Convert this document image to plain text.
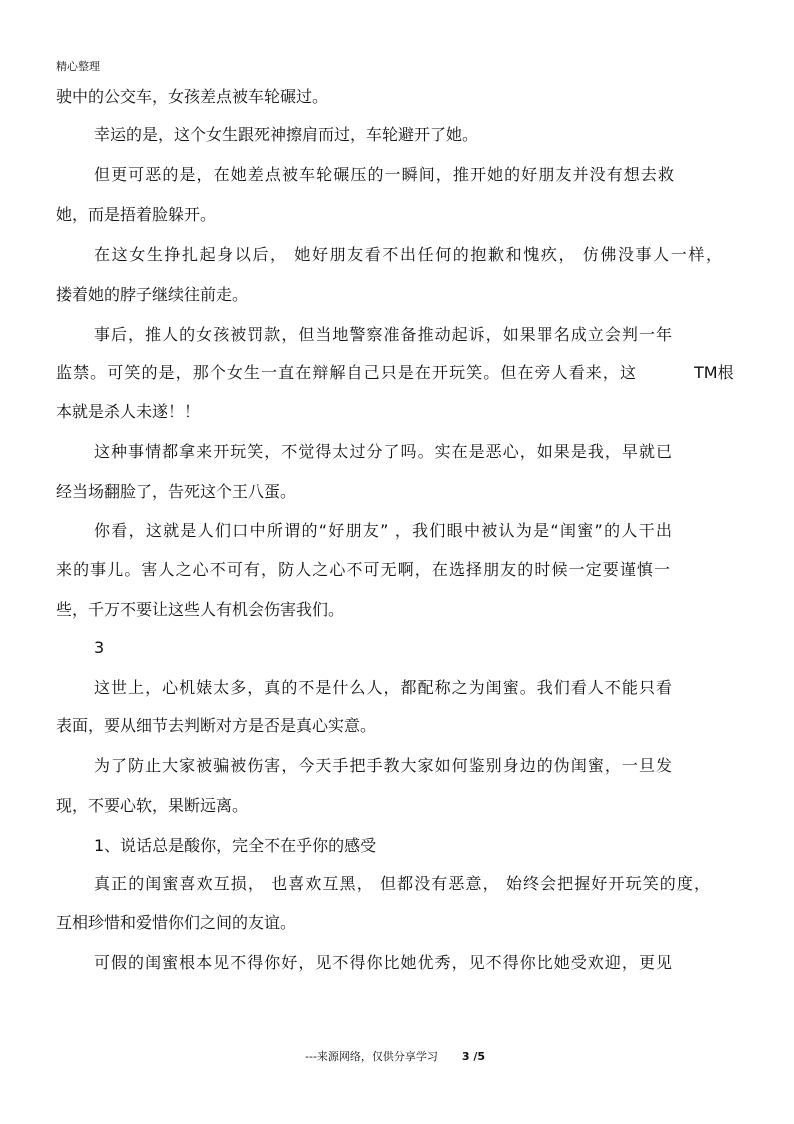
精心整理
驶中的公交车，女孩差点被车轮碾过。
幸运的是，这个女生跟死神擦肩而过，车轮避开了她。
但更可恶的是，在她差点被车轮碾压的一瞬间，推开她的好朋友并没有想去救
她，而是捂着脸躲开。
在这女生挣扎起身以后， 她好朋友看不出任何的抱歉和愧疚， 仿佛没事人一样，
搂着她的脖子继续往前走。
事后，推人的女孩被罚款，但当地警察准备推动起诉，如果罪名成立会判一年
监禁。可笑的是，那个女生一直在辩解自己只是在开玩笑。但在旁人看来，这	TM根
本就是杀人未遂！！
这种事情都拿来开玩笑，不觉得太过分了吗。实在是恶心，如果是我，早就已
经当场翻脸了，告死这个王八蛋。
你看，这就是人们口中所谓的“好朋友” ，我们眼中被认为是“闺蜜”的人干出
来的事儿。害人之心不可有，防人之心不可无啊，在选择朋友的时候一定要谨慎一
些，千万不要让这些人有机会伤害我们。
3
这世上，心机婊太多，真的不是什么人，都配称之为闺蜜。我们看人不能只看
表面，要从细节去判断对方是否是真心实意。
为了防止大家被骗被伤害，今天手把手教大家如何鉴别身边的伪闺蜜，一旦发
现，不要心软，果断远离。
1、说话总是酸你，完全不在乎你的感受
真正的闺蜜喜欢互损， 也喜欢互黑， 但都没有恶意， 始终会把握好开玩笑的度，
互相珍惜和爱惜你们之间的友谊。
可假的闺蜜根本见不得你好，见不得你比她优秀，见不得你比她受欢迎，更见
---来源网络，仅供分享学习 3 /5
